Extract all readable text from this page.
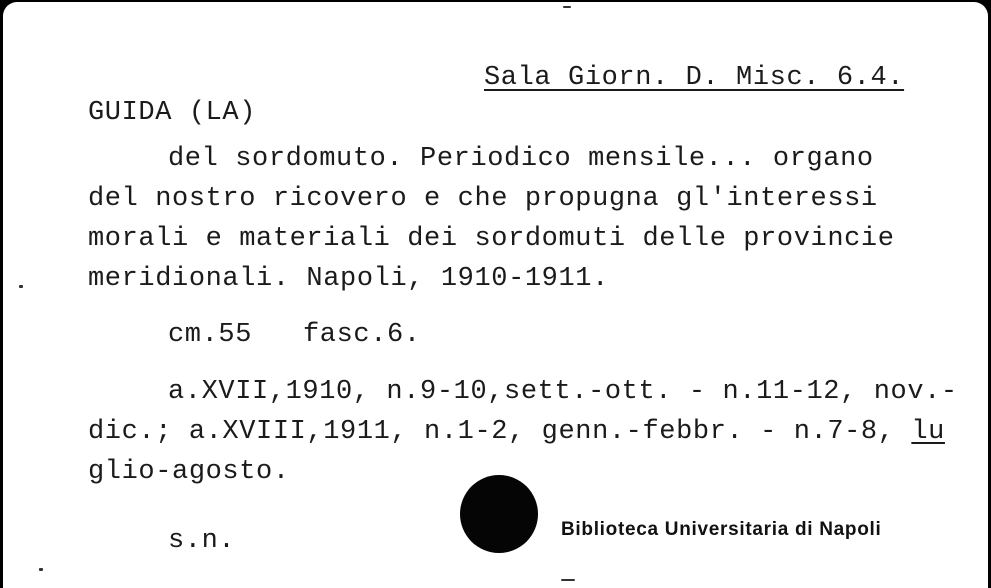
Sala Giorn. D. Misc. 6.4.

GUIDA (LA)

del sordomuto. Periodico mensile... organo

del nostro ricovero e che propugna gl'interessi

morali e materiali dei sordomuti delle provincie

meridionali. Napoli, 1910-1911.

cm.55 fasc.6.

a.XVII,1910, n.9-10,sett.-ott. - n.11-12, nov.-

dic.; a.XVIII,1911, n.1-2, genn.-febbr. - n.7-8, lu

glio-agosto.

s.n.	Biblioteca Universitaria di Napoli
